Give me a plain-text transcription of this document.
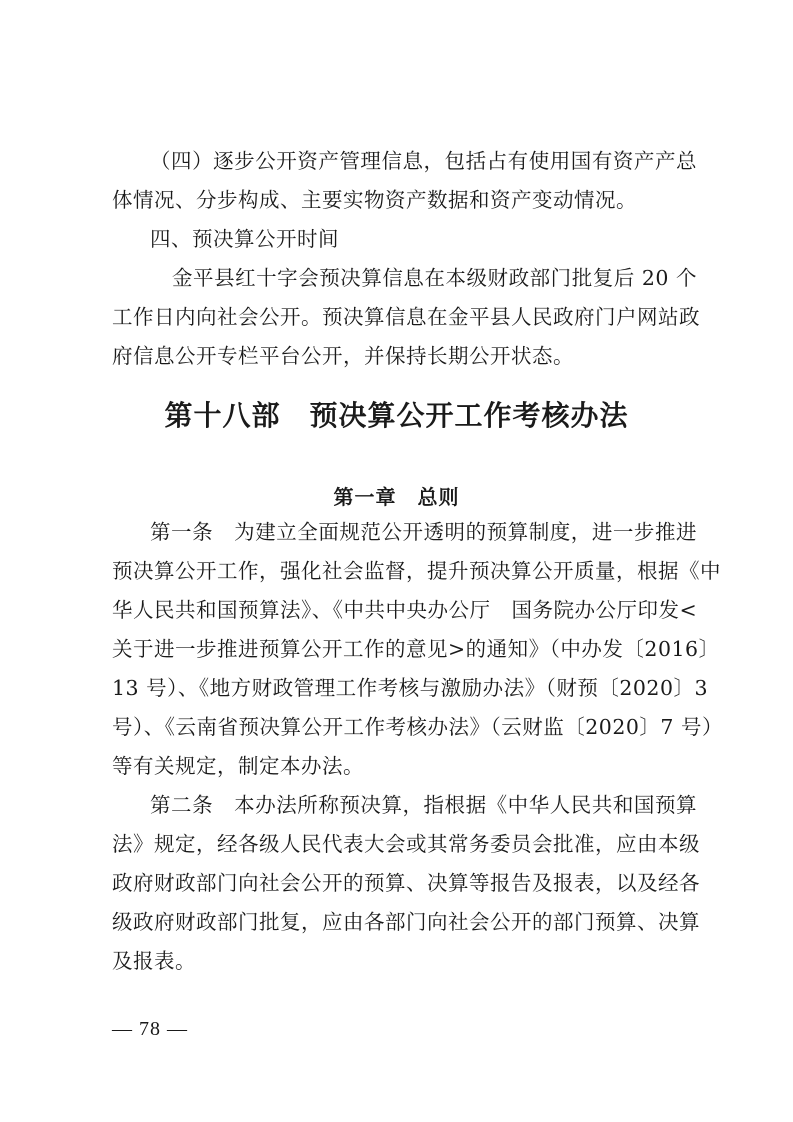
（四）逐步公开资产管理信息，包括占有使用国有资产产总
体情况、分步构成、主要实物资产数据和资产变动情况。
四、预决算公开时间
金平县红十字会预决算信息在本级财政部门批复后 20 个
工作日内向社会公开。预决算信息在金平县人民政府门户网站政
府信息公开专栏平台公开，并保持长期公开状态。
第十八部　预决算公开工作考核办法
第一章　总则
第一条　为建立全面规范公开透明的预算制度，进一步推进
预决算公开工作，强化社会监督，提升预决算公开质量，根据《中
华人民共和国预算法》、《中共中央办公厅　国务院办公厅印发<
关于进一步推进预算公开工作的意见>的通知》（中办发〔2016〕
13 号）、《地方财政管理工作考核与激励办法》（财预〔2020〕3
号）、《云南省预决算公开工作考核办法》（云财监〔2020〕7 号）
等有关规定，制定本办法。
第二条　本办法所称预决算，指根据《中华人民共和国预算
法》规定，经各级人民代表大会或其常务委员会批准，应由本级
政府财政部门向社会公开的预算、决算等报告及报表，以及经各
级政府财政部门批复，应由各部门向社会公开的部门预算、决算
及报表。
— 78 —
